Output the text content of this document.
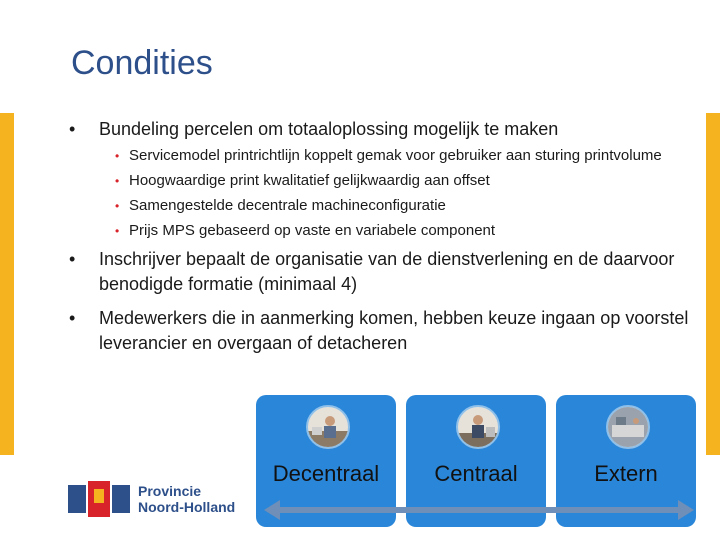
Condities
• Bundeling percelen om totaaloplossing mogelijk te maken
• Servicemodel printrichtlijn koppelt gemak voor gebruiker aan sturing printvolume
• Hoogwaardige print kwalitatief gelijkwaardig aan offset
• Samengestelde decentrale machineconfiguratie
• Prijs MPS gebaseerd op vaste en variabele component
• Inschrijver bepaalt de organisatie van de dienstverlening en de daarvoor benodigde formatie (minimaal 4)
• Medewerkers die in aanmerking komen, hebben keuze ingaan op voorstel leverancier en overgaan of detacheren
Decentraal	Centraal	Extern
Provincie
Noord-Holland
